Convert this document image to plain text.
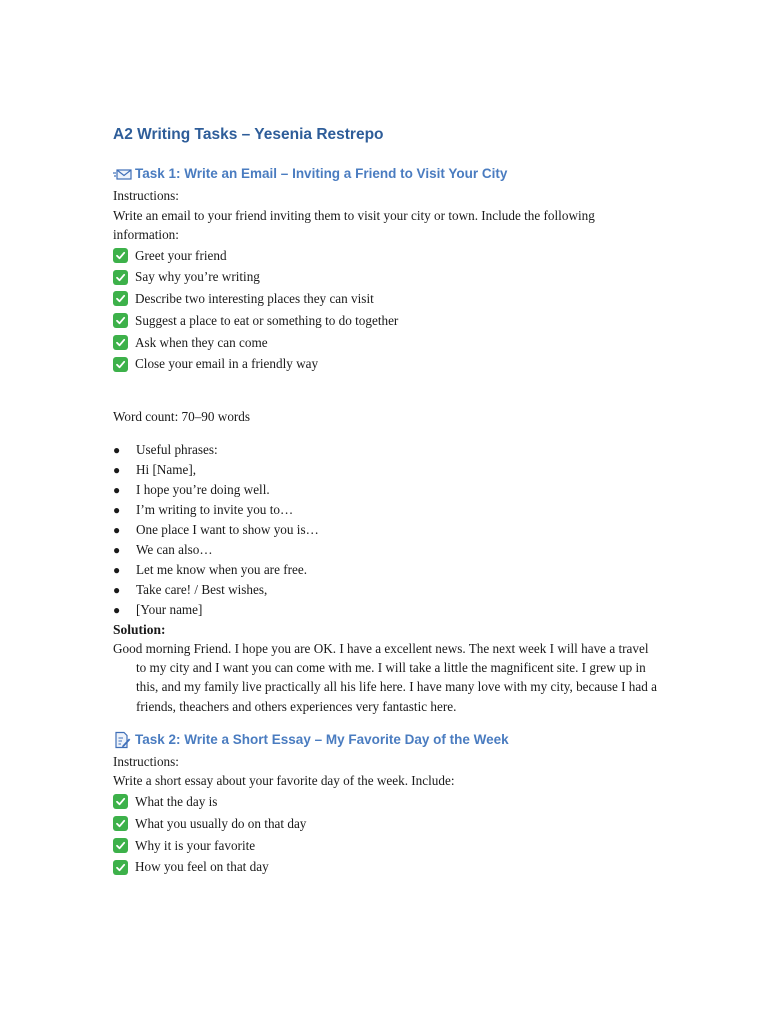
A2 Writing Tasks – Yesenia Restrepo
Task 1: Write an Email – Inviting a Friend to Visit Your City
Instructions:
Write an email to your friend inviting them to visit your city or town. Include the following information:
Greet your friend
Say why you’re writing
Describe two interesting places they can visit
Suggest a place to eat or something to do together
Ask when they can come
Close your email in a friendly way
Word count: 70–90 words
●	Useful phrases:
●	Hi [Name],
●	I hope you’re doing well.
●	I’m writing to invite you to…
●	One place I want to show you is…
●	We can also…
●	Let me know when you are free.
●	Take care! / Best wishes,
●	[Your name]
Solution:

Good morning Friend. I hope you are OK. I have a excellent news. The next week I will have a travel to my city and I want you can come with me. I will take a little the magnificent site. I grew up in this, and my family live practically all his life here. I have many love with my city, because I had a friends, theachers and others experiences very fantastic here.

Task 2: Write a Short Essay – My Favorite Day of the Week
Instructions:
Write a short essay about your favorite day of the week. Include:
What the day is
What you usually do on that day
Why it is your favorite
How you feel on that day
